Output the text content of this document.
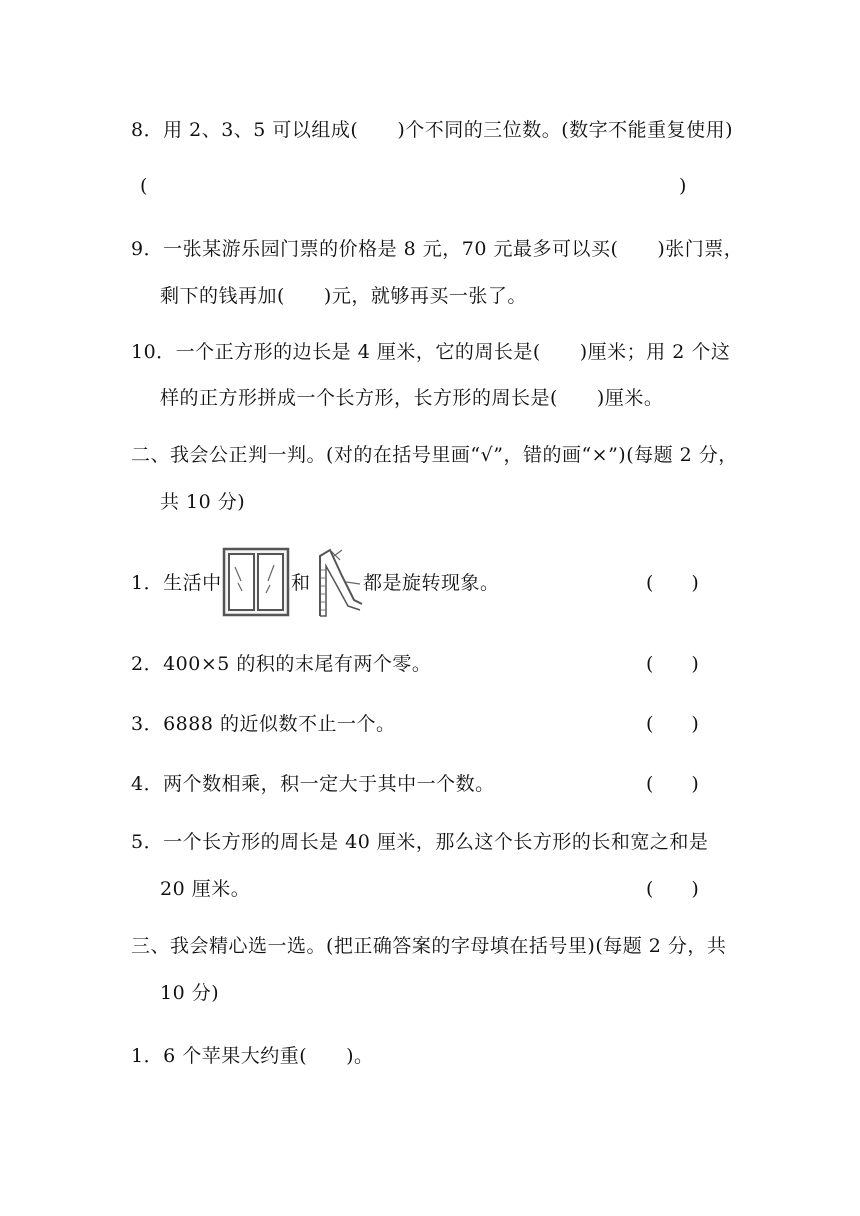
8．用 2、3、5 可以组成(　　)个不同的三位数。(数字不能重复使用)
(	)
9．一张某游乐园门票的价格是 8 元，70 元最多可以买(　　)张门票，
剩下的钱再加(　　)元，就够再买一张了。
10．一个正方形的边长是 4 厘米，它的周长是(　　)厘米；用 2 个这
样的正方形拼成一个长方形，长方形的周长是(　　)厘米。
二、我会公正判一判。(对的在括号里画“√”，错的画“×”)(每题 2 分，
共 10 分)
1．生活中	和	都是旋转现象。	(　　)
2．400×5 的积的末尾有两个零。	(　　)
3．6888 的近似数不止一个。	(　　)
4．两个数相乘，积一定大于其中一个数。	(　　)
5．一个长方形的周长是 40 厘米，那么这个长方形的长和宽之和是
20 厘米。	(　　)
三、我会精心选一选。(把正确答案的字母填在括号里)(每题 2 分，共
10 分)
1．6 个苹果大约重(　　)。
